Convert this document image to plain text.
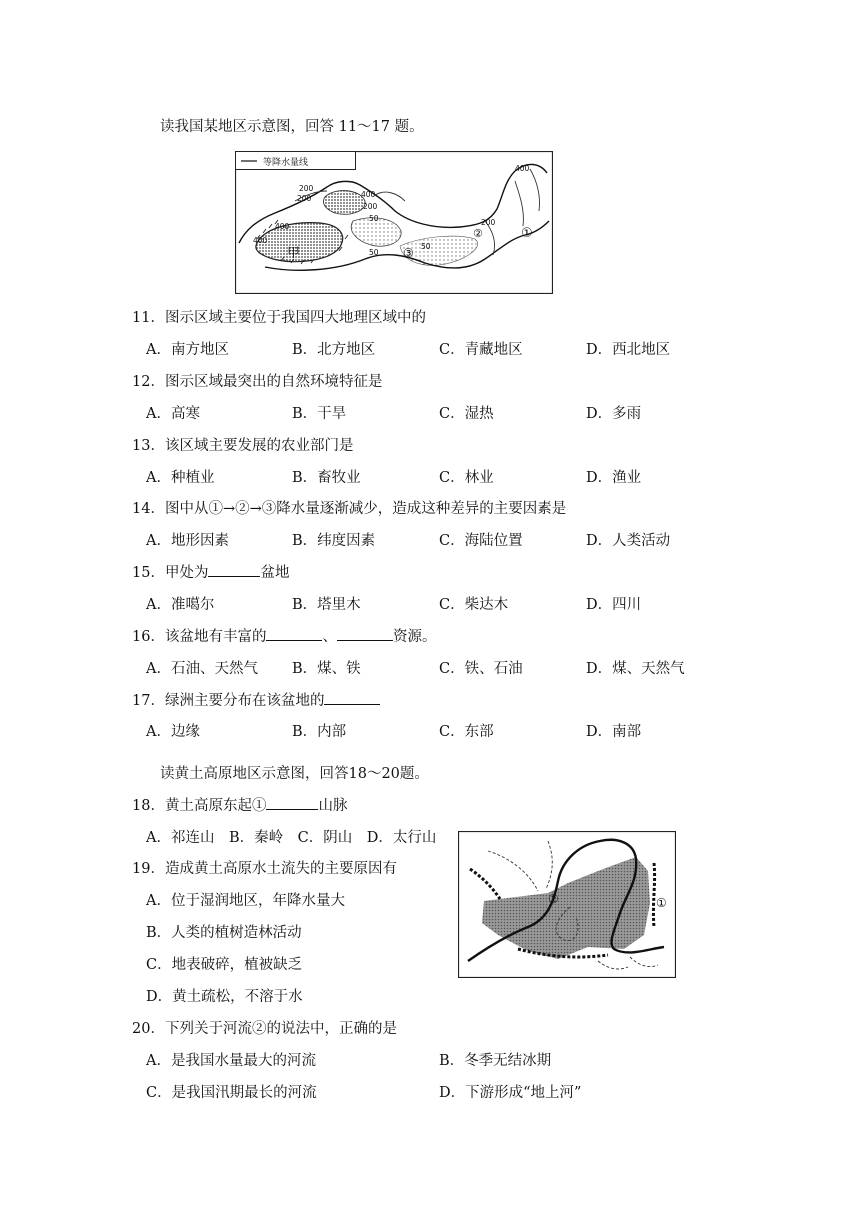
读我国某地区示意图，回答 11～17 题。
等降水量线
400
400
400
400
200
200
200
200
50
50
50
甲
①
②
③
11．图示区域主要位于我国四大地理区域中的
A．南方地区	B．北方地区	C．青藏地区	D．西北地区
12．图示区域最突出的自然环境特征是
A．高寒	B．干旱	C．湿热	D．多雨
13．该区域主要发展的农业部门是
A．种植业	B．畜牧业	C．林业	D．渔业
14．图中从①→②→③降水量逐渐减少，造成这种差异的主要因素是
A．地形因素	B．纬度因素	C．海陆位置	D．人类活动
15．甲处为	盆地
A．准噶尔	B．塔里木	C．柴达木	D．四川
16．该盆地有丰富的	、	资源。
A．石油、天然气 B．煤、铁	C．铁、石油	D．煤、天然气
17．绿洲主要分布在该盆地的
A．边缘	B．内部	C．东部	D．南部
读黄土高原地区示意图，回答18～20题。
18．黄土高原东起①	山脉
A．祁连山　B．秦岭　C．阴山　D．太行山
19．造成黄土高原水土流失的主要原因有
A．位于湿润地区，年降水量大
B．人类的植树造林活动
C．地表破碎，植被缺乏
D．黄土疏松，不溶于水
①
②
20．下列关于河流②的说法中，正确的是
A．是我国水量最大的河流	B．冬季无结冰期
C．是我国汛期最长的河流	D．下游形成“地上河”
